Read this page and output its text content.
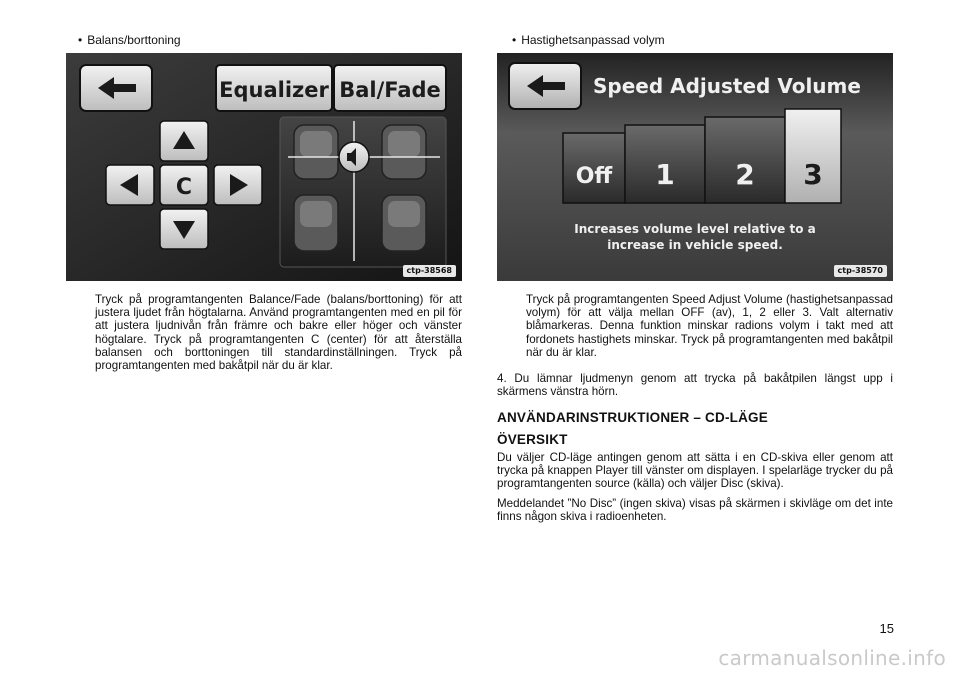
• Balans/borttoning
Equalizer Bal/Fade
C
ctp-38568

Tryck på programtangenten Balance/Fade (balans/borttoning) för att justera ljudet från högtalarna. Använd programtangenten med en pil för att justera ljudnivån från främre och bakre eller höger och vänster högtalare. Tryck på programtangenten C (center) för att återställa balansen och borttoningen till standardinställningen. Tryck på programtangenten med bakåtpil när du är klar.

• Hastighetsanpassad volym
Speed Adjusted Volume
Off 1 2 3
Increases volume level relative to a
increase in vehicle speed.
ctp-38570

Tryck på programtangenten Speed Adjust Volume (hastighetsanpassad volym) för att välja mellan OFF (av), 1, 2 eller 3. Valt alternativ blåmarkeras. Denna funktion minskar radions volym i takt med att fordonets hastighets minskar. Tryck på programtangenten med bakåtpil när du är klar.

4. Du lämnar ljudmenyn genom att trycka på bakåtpilen längst upp i skärmens vänstra hörn.

ANVÄNDARINSTRUKTIONER – CD-LÄGE
ÖVERSIKT

Du väljer CD-läge antingen genom att sätta i en CD-skiva eller genom att trycka på knappen Player till vänster om displayen. I spelarläge trycker du på programtangenten source (källa) och väljer Disc (skiva).

Meddelandet ”No Disc” (ingen skiva) visas på skärmen i skivläge om det inte finns någon skiva i radioenheten.

15
carmanualsonline.info
